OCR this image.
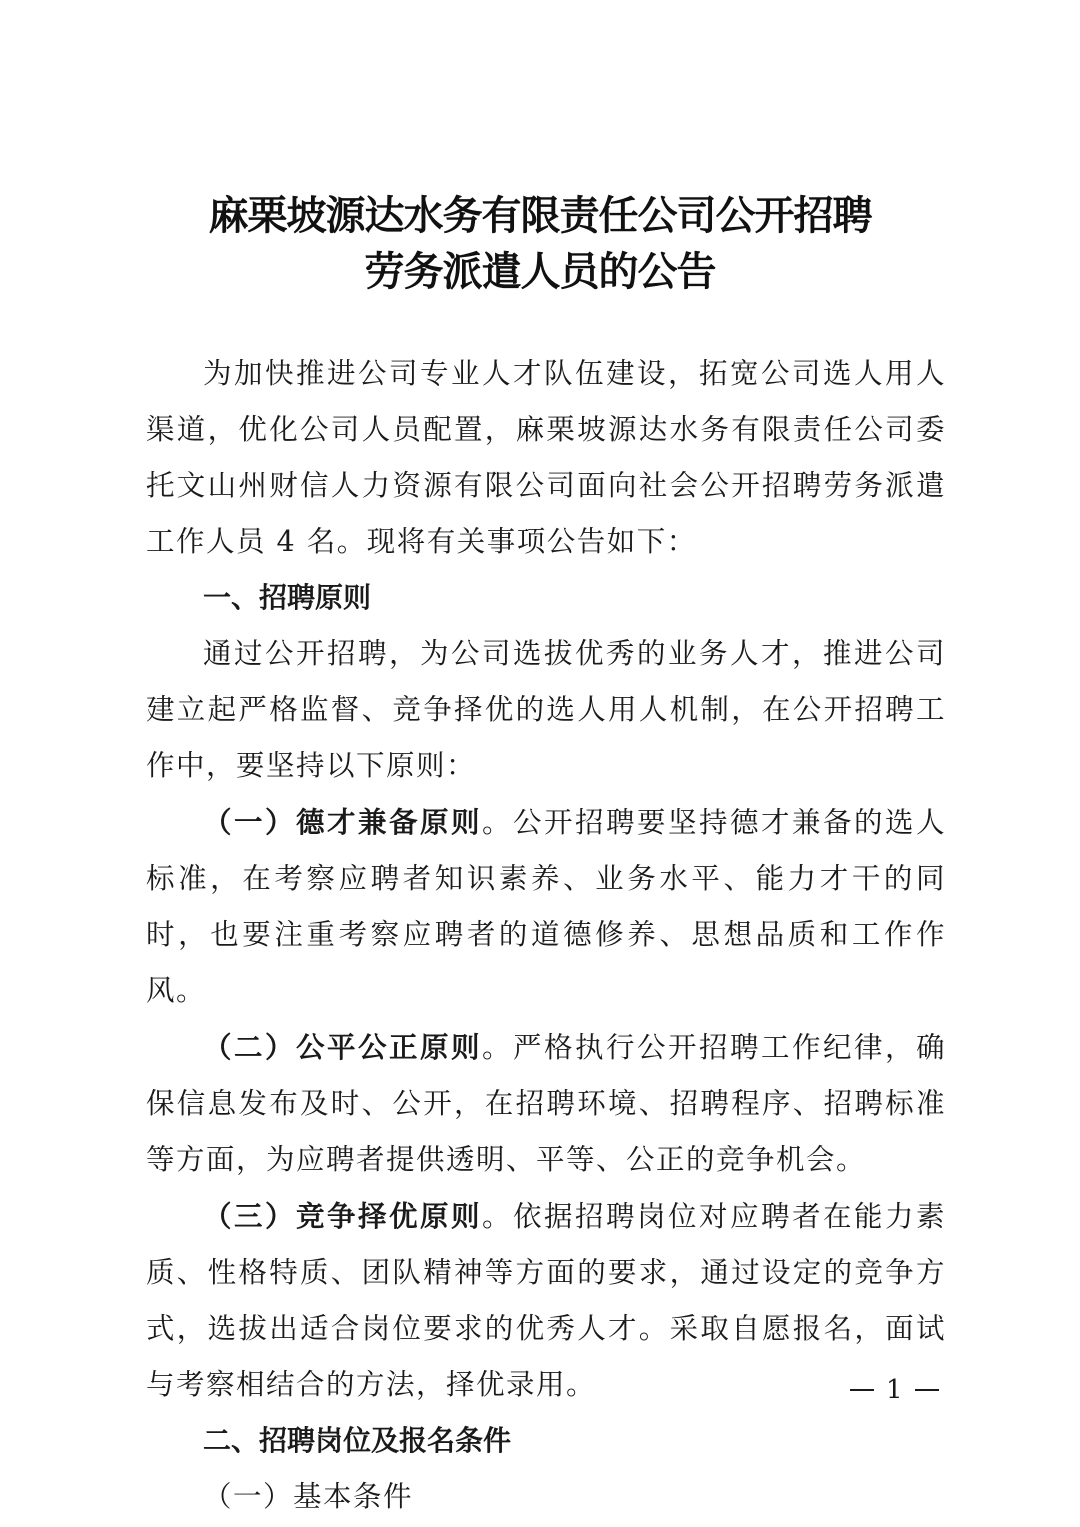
麻栗坡源达水务有限责任公司公开招聘
劳务派遣人员的公告

为加快推进公司专业人才队伍建设，拓宽公司选人用人渠道，优化公司人员配置，麻栗坡源达水务有限责任公司委托文山州财信人力资源有限公司面向社会公开招聘劳务派遣工作人员 4 名。现将有关事项公告如下：

一、招聘原则

通过公开招聘，为公司选拔优秀的业务人才，推进公司建立起严格监督、竞争择优的选人用人机制，在公开招聘工作中，要坚持以下原则：

（一）德才兼备原则。公开招聘要坚持德才兼备的选人标准，在考察应聘者知识素养、业务水平、能力才干的同时，也要注重考察应聘者的道德修养、思想品质和工作作风。

（二）公平公正原则。严格执行公开招聘工作纪律，确保信息发布及时、公开，在招聘环境、招聘程序、招聘标准等方面，为应聘者提供透明、平等、公正的竞争机会。

（三）竞争择优原则。依据招聘岗位对应聘者在能力素质、性格特质、团队精神等方面的要求，通过设定的竞争方式，选拔出适合岗位要求的优秀人才。采取自愿报名，面试与考察相结合的方法，择优录用。

二、招聘岗位及报名条件

（一）基本条件

1
